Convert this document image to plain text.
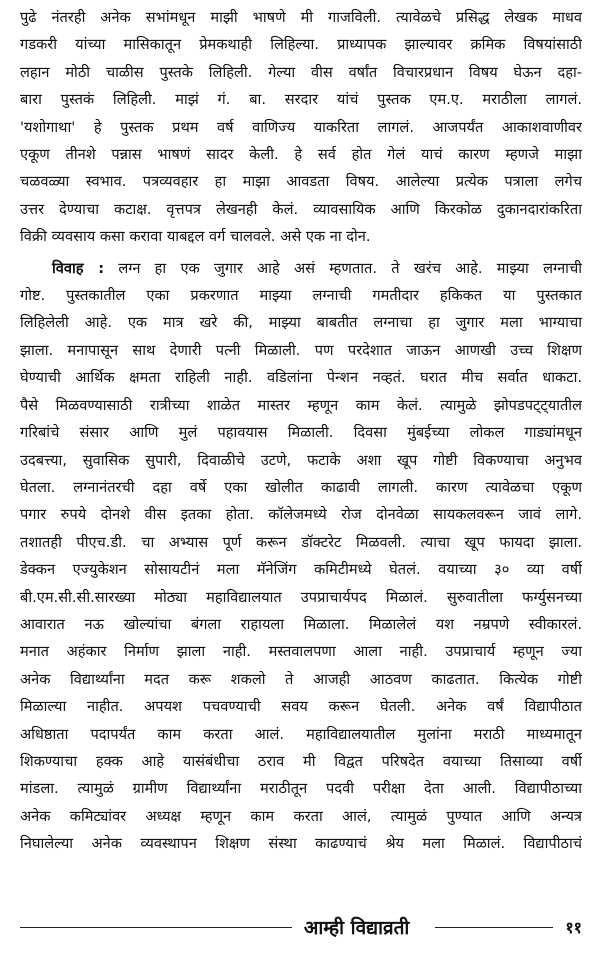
पुढे नंतरही अनेक सभांमधून माझी भाषणे मी गाजविली. त्यावेळचे प्रसिद्ध लेखक माधव
गडकरी यांच्या मासिकातून प्रेमकथाही लिहिल्या. प्राध्यापक झाल्यावर क्रमिक विषयांसाठी
लहान मोठी चाळीस पुस्तके लिहिली. गेल्या वीस वर्षांत विचारप्रधान विषय घेऊन दहा-
बारा पुस्तकं लिहिली. माझं गं. बा. सरदार यांचं पुस्तक एम.ए. मराठीला लागलं.
'यशोगाथा' हे पुस्तक प्रथम वर्ष वाणिज्य याकरिता लागलं. आजपर्यंत आकाशवाणीवर
एकूण तीनशे पन्नास भाषणं सादर केली. हे सर्व होत गेलं याचं कारण म्हणजे माझा
चळवळ्या स्वभाव. पत्रव्यवहार हा माझा आवडता विषय. आलेल्या प्रत्येक पत्राला लगेच
उत्तर देण्याचा कटाक्ष. वृत्तपत्र लेखनही केलं. व्यावसायिक आणि किरकोळ दुकानदारांकरिता
विक्री व्यवसाय कसा करावा याबद्दल वर्ग चालवले. असे एक ना दोन.
विवाह : लग्न हा एक जुगार आहे असं म्हणतात. ते खरंच आहे. माझ्या लग्नाची
गोष्ट. पुस्तकातील एका प्रकरणात माझ्या लग्नाची गमतीदार हकिकत या पुस्तकात
लिहिलेली आहे. एक मात्र खरे की, माझ्या बाबतीत लग्नाचा हा जुगार मला भाग्याचा
झाला. मनापासून साथ देणारी पत्नी मिळाली. पण परदेशात जाऊन आणखी उच्च शिक्षण
घेण्याची आर्थिक क्षमता राहिली नाही. वडिलांना पेन्शन नव्हतं. घरात मीच सर्वात धाकटा.
पैसे मिळवण्यासाठी रात्रीच्या शाळेत मास्तर म्हणून काम केलं. त्यामुळे झोपडपट्ट्यातील
गरिबांचे संसार आणि मुलं पहावयास मिळाली. दिवसा मुंबईच्या लोकल गाड्यांमधून
उदबत्त्या, सुवासिक सुपारी, दिवाळीचे उटणे, फटाके अशा खूप गोष्टी विकण्याचा अनुभव
घेतला. लग्नानंतरची दहा वर्षे एका खोलीत काढावी लागली. कारण त्यावेळचा एकूण
पगार रुपये दोनशे वीस इतका होता. कॉलेजमध्ये रोज दोनवेळा सायकलवरून जावं लागे.
तशातही पीएच.डी. चा अभ्यास पूर्ण करून डॉक्टरेट मिळवली. त्याचा खूप फायदा झाला.
डेक्कन एज्युकेशन सोसायटीनं मला मॅनेजिंग कमिटीमध्ये घेतलं. वयाच्या ३० व्या वर्षी
बी.एम.सी.सी.सारख्या मोठ्या महाविद्यालयात उपप्राचार्यपद मिळालं. सुरुवातीला फर्ग्युसनच्या
आवारात नऊ खोल्यांचा बंगला राहायला मिळाला. मिळालेलं यश नम्रपणे स्वीकारलं.
मनात अहंकार निर्माण झाला नाही. मस्तवालपणा आला नाही. उपप्राचार्य म्हणून ज्या
अनेक विद्यार्थ्यांना मदत करू शकलो ते आजही आठवण काढतात. कित्येक गोष्टी
मिळाल्या नाहीत. अपयश पचवण्याची सवय करून घेतली. अनेक वर्षं विद्यापीठात
अधिष्ठाता पदापर्यंत काम करता आलं. महाविद्यालयातील मुलांना मराठी माध्यमातून
शिकण्याचा हक्क आहे यासंबंधीचा ठराव मी विद्वत परिषदेत वयाच्या तिसाव्या वर्षी
मांडला. त्यामुळं ग्रामीण विद्यार्थ्यांना मराठीतून पदवी परीक्षा देता आली. विद्यापीठाच्या
अनेक कमिट्यांवर अध्यक्ष म्हणून काम करता आलं, त्यामुळं पुण्यात आणि अन्यत्र
निघालेल्या अनेक व्यवस्थापन शिक्षण संस्था काढण्याचं श्रेय मला मिळालं. विद्यापीठाचं
आम्ही विद्याव्रती	११
